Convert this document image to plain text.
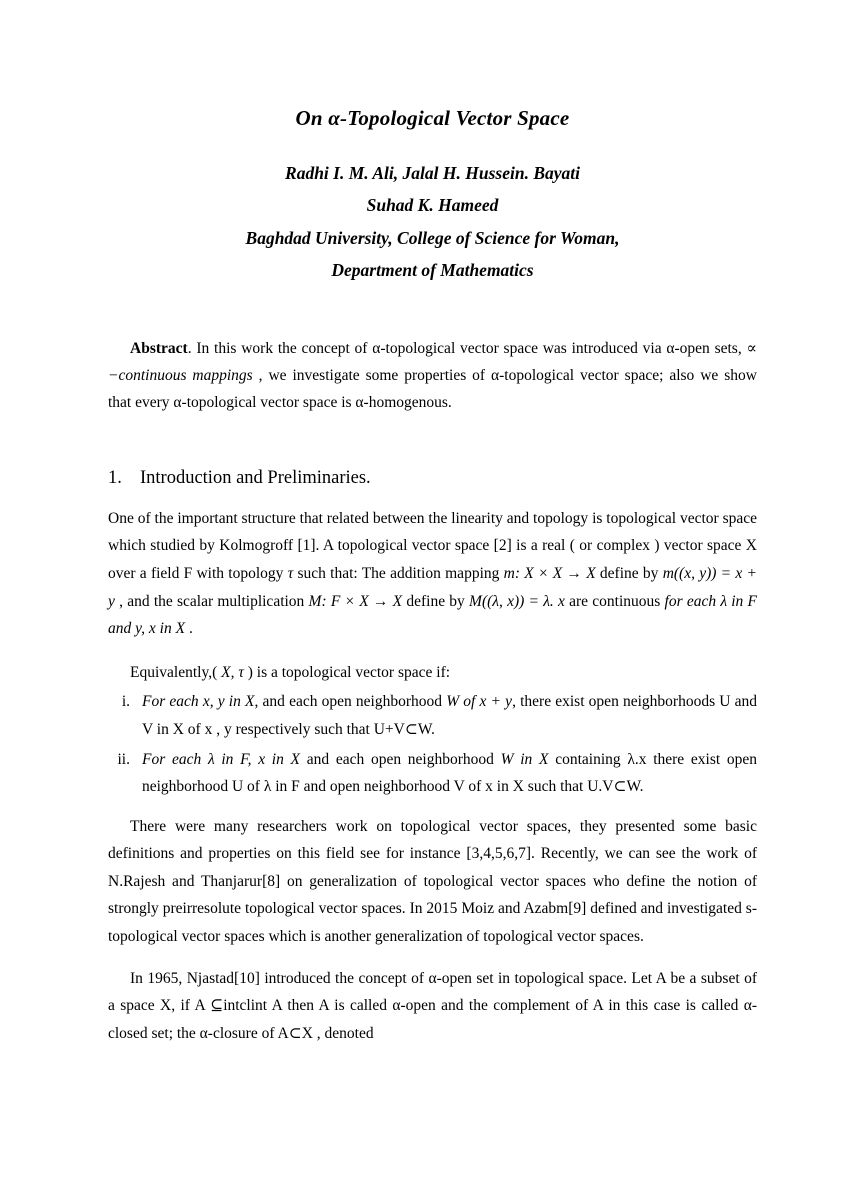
On α-Topological Vector Space
Radhi I. M. Ali, Jalal H. Hussein. Bayati
Suhad K. Hameed
Baghdad University, College of Science for Woman,
Department of Mathematics
Abstract. In this work the concept of α-topological vector space was introduced via α-open sets, ∝ −сontinuous mappings , we investigate some properties of α-topological vector space; also we show that every α-topological vector space is α-homogenous.
1. Introduction and Preliminaries.

One of the important structure that related between the linearity and topology is topological vector space which studied by Kolmogroff [1]. A topological vector space [2] is a real ( or complex ) vector space X over a field F with topology τ such that: The addition mapping m: X × X → X define by m((x, y)) = x + y , and the scalar multiplication M: F × X → X define by M((λ, x)) = λ. x are continuous for each λ in F and y, x in X .

Equivalently,( X, τ ) is a topological vector space if:
i. For each x, y in X, and each open neighborhood W of x + y, there exist open neighborhoods U and V in X of x , y respectively such that U+V⊂W.
ii. For each λ in F, x in X and each open neighborhood W in X containing λ.x there exist open neighborhood U of λ in F and open neighborhood V of x in X such that U.V⊂W.

There were many researchers work on topological vector spaces, they presented some basic definitions and properties on this field see for instance [3,4,5,6,7]. Recently, we can see the work of N.Rajesh and Thanjarur[8] on generalization of topological vector spaces who define the notion of strongly preirresolute topological vector spaces. In 2015 Moiz and Azabm[9] defined and investigated s-topological vector spaces which is another generalization of topological vector spaces.

In 1965, Njastad[10] introduced the concept of α-open set in topological space. Let A be a subset of a space X, if A ⊆intclint A then A is called α-open and the complement of A in this case is called α-closed set; the α-closure of A⊂X , denoted
